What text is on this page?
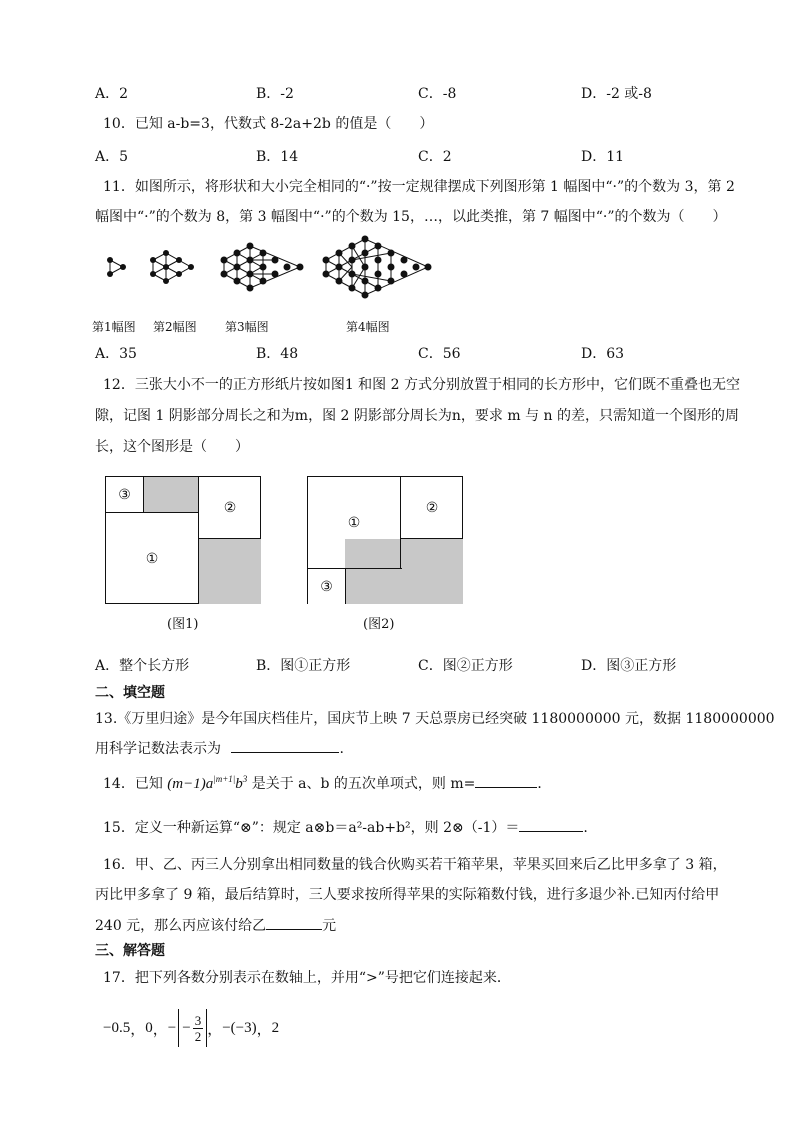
A．2	B．-2	C．-8	D．-2 或-8
10．已知 a-b=3，代数式 8-2a+2b 的值是（　　）
A．5	B．14	C．2	D．11
11．如图所示，将形状和大小完全相同的“·”按一定规律摆成下列图形第 1 幅图中“·”的个数为 3，第 2
幅图中“·”的个数为 8，第 3 幅图中“·”的个数为 15，…，以此类推，第 7 幅图中“·”的个数为（　　）
第1幅图 第2幅图 第3幅图	第4幅图
A．35	B．48	C．56	D．63
12．三张大小不一的正方形纸片按如图1 和图 2 方式分别放置于相同的长方形中，它们既不重叠也无空
隙，记图 1 阴影部分周长之和为m，图 2 阴影部分周长为n，要求 m 与 n 的差，只需知道一个图形的周
长，这个图形是（　　）
③
①
②
(图1)
①
②
③
(图2)
A．整个长方形	B．图①正方形	C．图②正方形	D．图③正方形
二、填空题
13.《万里归途》是今年国庆档佳片，国庆节上映 7 天总票房已经突破 1180000000 元，数据 1180000000
用科学记数法表示为	.
14．已知 $(m-1)a^{|m+1|}b^3$ 是关于 a、b 的五次单项式，则 m=	．
15．定义一种新运算“⊗”：规定 a⊗b＝a²-ab+b²，则 2⊗（-1）＝	.
16．甲、乙、丙三人分别拿出相同数量的钱合伙购买若干箱苹果，苹果买回来后乙比甲多拿了 3 箱，
丙比甲多拿了 9 箱，最后结算时，三人要求按所得苹果的实际箱数付钱，进行多退少补.已知丙付给甲
240 元，那么丙应该付给乙	元
三、解答题
17．把下列各数分别表示在数轴上，并用“>”号把它们连接起来．
−0.5 ， 0 ， − − $\frac{3}{2}$ ， −(−3) ， 2
